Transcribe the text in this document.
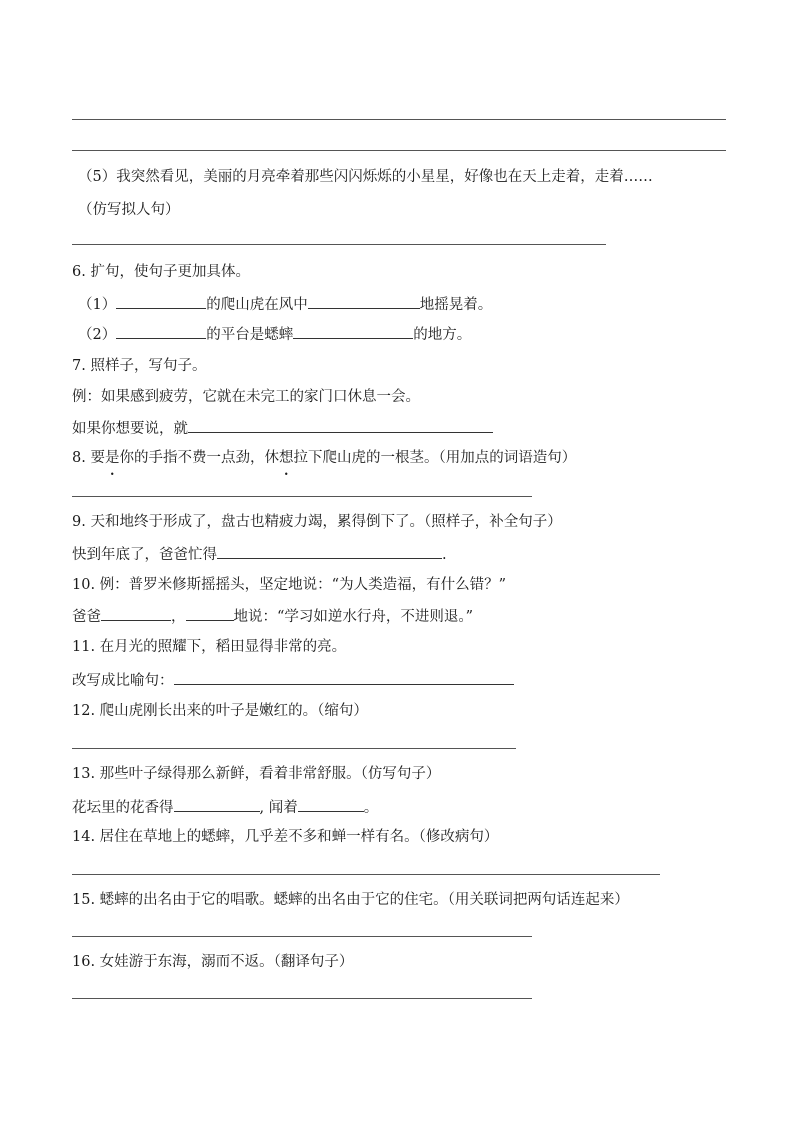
（5）我突然看见，美丽的月亮牵着那些闪闪烁烁的小星星，好像也在天上走着，走着……
（仿写拟人句）
6. 扩句，使句子更加具体。
（1）	的爬山虎在风中	地摇晃着。
（2）	的平台是蟋蟀	的地方。
7. 照样子，写句子。
例：如果感到疲劳，它就在未完工的家门口休息一会。
如果你想要说，就
8. 要是你的手指不费一点劲，休想拉下爬山虎的一根茎。（用加点的词语造句）
9. 天和地终于形成了，盘古也精疲力竭，累得倒下了。（照样子，补全句子）
快到年底了，爸爸忙得	.
10. 例：普罗米修斯摇摇头，坚定地说：“为人类造福，有什么错？”
爸爸	，	地说：“学习如逆水行舟，不进则退。”
11. 在月光的照耀下，稻田显得非常的亮。
改写成比喻句：
12. 爬山虎刚长出来的叶子是嫩红的。（缩句）
13. 那些叶子绿得那么新鲜，看着非常舒服。（仿写句子）
花坛里的花香得	, 闻着	。
14. 居住在草地上的蟋蟀，几乎差不多和蝉一样有名。（修改病句）
15. 蟋蟀的出名由于它的唱歌。蟋蟀的出名由于它的住宅。（用关联词把两句话连起来）
16. 女娃游于东海，溺而不返。（翻译句子）
